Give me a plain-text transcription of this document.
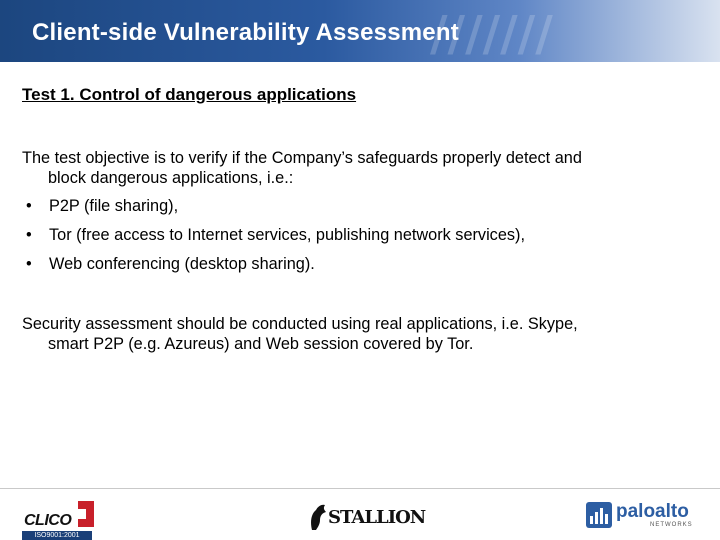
///////
Client-side Vulnerability Assessment
Test 1. Control of dangerous applications
The test objective is to verify if the Company’s safeguards properly detect and
block dangerous applications, i.e.:
• P2P (file sharing),
• Tor (free access to Internet services, publishing network services),
• Web conferencing (desktop sharing).
Security assessment should be conducted using real applications, i.e. Skype,
smart P2P (e.g. Azureus) and Web session covered by Tor.
CLICO
ISO9001:2001
STALLION	paloalto
NETWORKS
